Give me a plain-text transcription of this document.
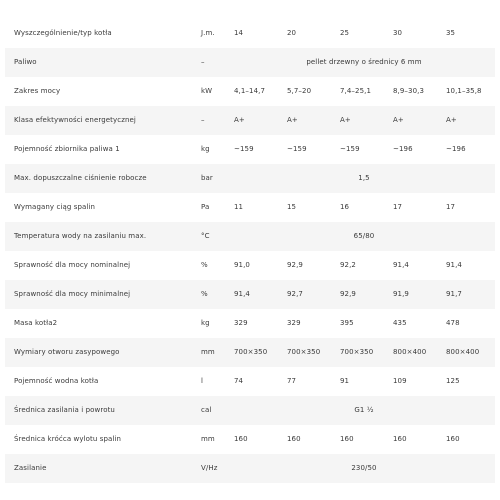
Wyszczególnienie/typ kotła	J.m.	14	20	25	30	35
Paliwo	–	pellet drzewny o średnicy 6 mm
Zakres mocy	kW	4,1–14,7	5,7–20	7,4–25,1	8,9–30,3	10,1–35,8
Klasa efektywności energetycznej	–	A+	A+	A+	A+	A+
Pojemność zbiornika paliwa 1	kg	~159	~159	~159	~196	~196
Max. dopuszczalne ciśnienie robocze	bar	1,5
Wymagany ciąg spalin	Pa	11	15	16	17	17
Temperatura wody na zasilaniu max.	°C	65/80
Sprawność dla mocy nominalnej	%	91,0	92,9	92,2	91,4	91,4
Sprawność dla mocy minimalnej	%	91,4	92,7	92,9	91,9	91,7
Masa kotła2	kg	329	329	395	435	478
Wymiary otworu zasypowego	mm	700×350	700×350	700×350	800×400	800×400
Pojemność wodna kotła	l	74	77	91	109	125
Średnica zasilania i powrotu	cal	G1 ½
Średnica króćca wylotu spalin	mm	160	160	160	160	160
Zasilanie	V/Hz	230/50
